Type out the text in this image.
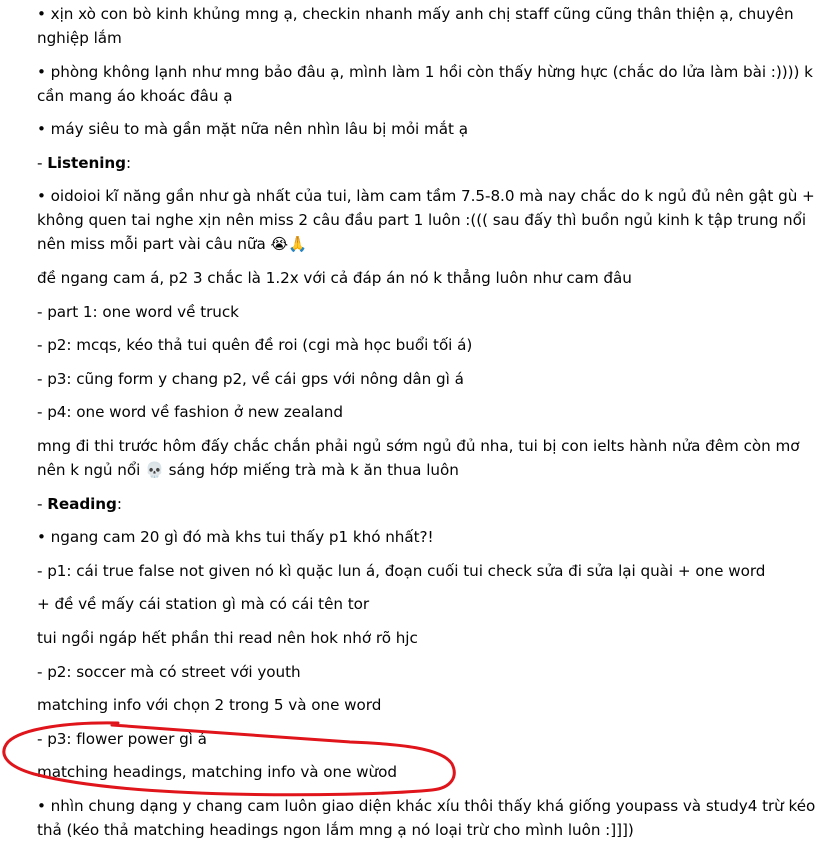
• xịn xò con bò kinh khủng mng ạ, checkin nhanh mấy anh chị staff cũng cũng thân thiện ạ, chuyên nghiệp lắm
• phòng không lạnh như mng bảo đâu ạ, mình làm 1 hồi còn thấy hừng hực (chắc do lửa làm bài :)))) k cần mang áo khoác đâu ạ
• máy siêu to mà gần mặt nữa nên nhìn lâu bị mỏi mắt ạ
- Listening:
• oidoioi kĩ năng gần như gà nhất của tui, làm cam tầm 7.5-8.0 mà nay chắc do k ngủ đủ nên gật gù + không quen tai nghe xịn nên miss 2 câu đầu part 1 luôn :((( sau đấy thì buồn ngủ kinh k tập trung nổi nên miss mỗi part vài câu nữa 😭🙏
đề ngang cam á, p2 3 chắc là 1.2x với cả đáp án nó k thẳng luôn như cam đâu
- part 1: one word về truck
- p2: mcqs, kéo thả tui quên đề roi (cgi mà học buổi tối á)
- p3: cũng form y chang p2, về cái gps với nông dân gì á
- p4: one word về fashion ở new zealand
mng đi thi trước hôm đấy chắc chắn phải ngủ sớm ngủ đủ nha, tui bị con ielts hành nửa đêm còn mơ nên k ngủ nổi 💀 sáng hớp miếng trà mà k ăn thua luôn
- Reading:
• ngang cam 20 gì đó mà khs tui thấy p1 khó nhất?!
- p1: cái true false not given nó kì quặc lun á, đoạn cuối tui check sửa đi sửa lại quài + one word
+ đề về mấy cái station gì mà có cái tên tor
tui ngồi ngáp hết phần thi read nên hok nhớ rõ hjc
- p2: soccer mà có street với youth
matching info với chọn 2 trong 5 và one word
- p3: flower power gì á
matching headings, matching info và one wừod
• nhìn chung dạng y chang cam luôn giao diện khác xíu thôi thấy khá giống youpass và study4 trừ kéo thả (kéo thả matching headings ngon lắm mng ạ nó loại trừ cho mình luôn :]]])
